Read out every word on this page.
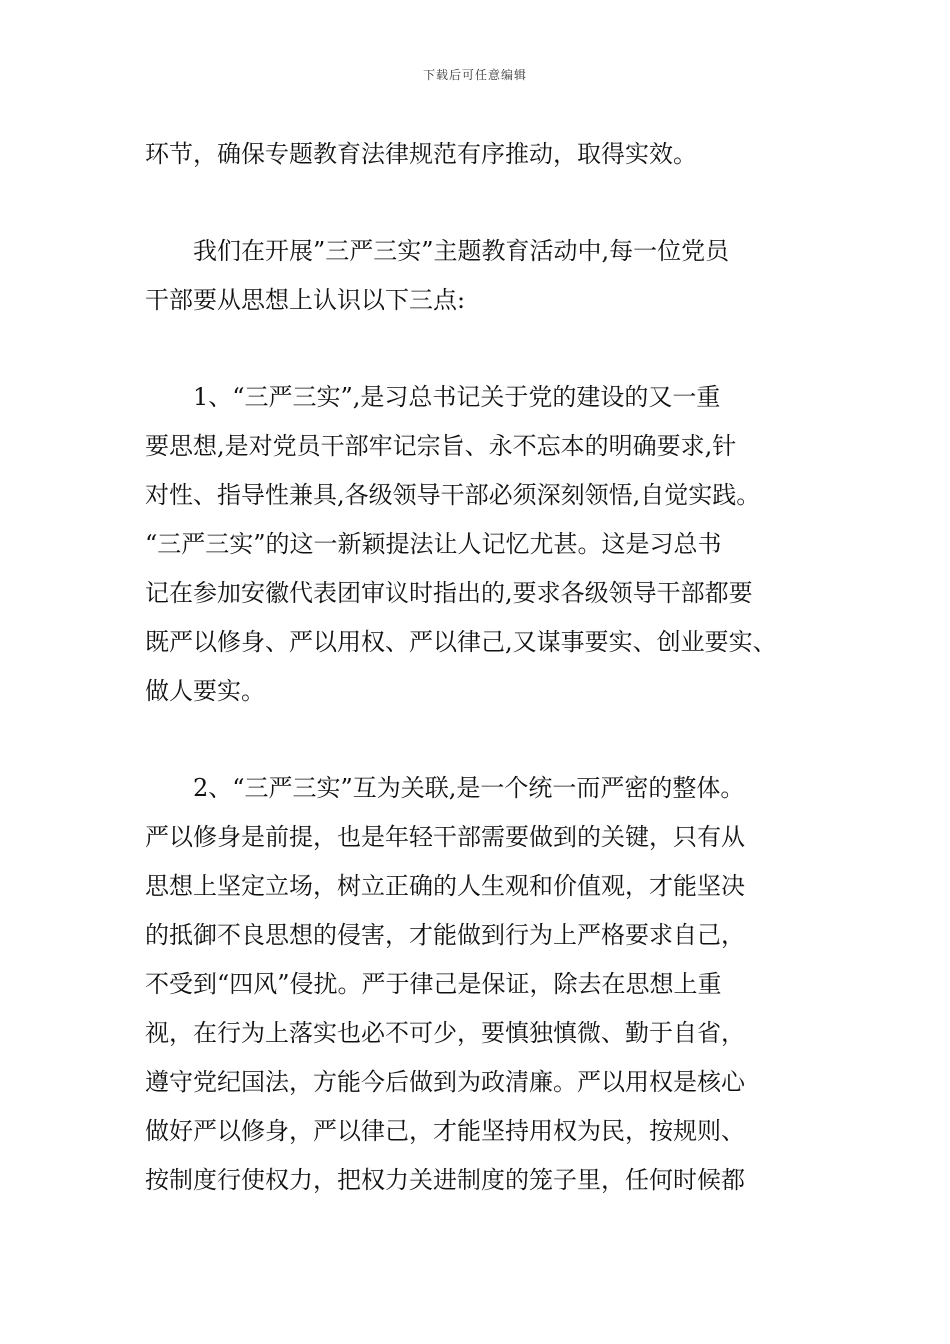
下载后可任意编辑
环节，确保专题教育法律规范有序推动，取得实效。
我们在开展”三严三实”主题教育活动中,每一位党员
干部要从思想上认识以下三点:
1、“三严三实”,是习总书记关于党的建设的又一重
要思想,是对党员干部牢记宗旨、永不忘本的明确要求,针
对性、指导性兼具,各级领导干部必须深刻领悟,自觉实践。
“三严三实”的这一新颖提法让人记忆尤甚。这是习总书
记在参加安徽代表团审议时指出的,要求各级领导干部都要
既严以修身、严以用权、严以律己,又谋事要实、创业要实、
做人要实。
2、“三严三实”互为关联,是一个统一而严密的整体。
严以修身是前提，也是年轻干部需要做到的关键，只有从
思想上坚定立场，树立正确的人生观和价值观，才能坚决
的抵御不良思想的侵害，才能做到行为上严格要求自己，
不受到“四风”侵扰。严于律己是保证，除去在思想上重
视，在行为上落实也必不可少，要慎独慎微、勤于自省，
遵守党纪国法，方能今后做到为政清廉。严以用权是核心
做好严以修身，严以律己，才能坚持用权为民，按规则、
按制度行使权力，把权力关进制度的笼子里，任何时候都
